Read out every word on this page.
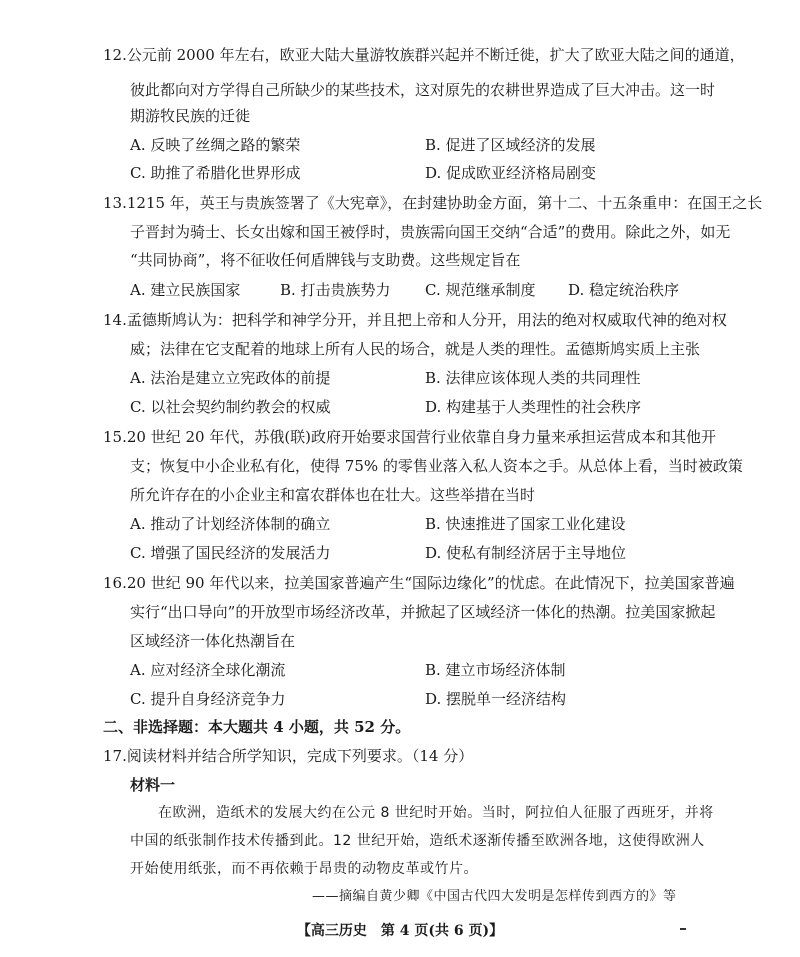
12.公元前 2000 年左右，欧亚大陆大量游牧族群兴起并不断迁徙，扩大了欧亚大陆之间的通道，
彼此都向对方学得自己所缺少的某些技术，这对原先的农耕世界造成了巨大冲击。这一时
期游牧民族的迁徙
A. 反映了丝绸之路的繁荣	B. 促进了区域经济的发展
C. 助推了希腊化世界形成	D. 促成欧亚经济格局剧变
13.1215 年，英王与贵族签署了《大宪章》，在封建协助金方面，第十二、十五条重申：在国王之长
子晋封为骑士、长女出嫁和国王被俘时，贵族需向国王交纳“合适”的费用。除此之外，如无
“共同协商”，将不征收任何盾牌钱与支助费。这些规定旨在
A. 建立民族国家	B. 打击贵族势力 C. 规范继承制度 D. 稳定统治秩序
14.孟德斯鸠认为：把科学和神学分开，并且把上帝和人分开，用法的绝对权威取代神的绝对权
威；法律在它支配着的地球上所有人民的场合，就是人类的理性。孟德斯鸠实质上主张
A. 法治是建立立宪政体的前提	B. 法律应该体现人类的共同理性
C. 以社会契约制约教会的权威	D. 构建基于人类理性的社会秩序
15.20 世纪 20 年代，苏俄(联)政府开始要求国营行业依靠自身力量来承担运营成本和其他开
支；恢复中小企业私有化，使得 75% 的零售业落入私人资本之手。从总体上看，当时被政策
所允许存在的小企业主和富农群体也在壮大。这些举措在当时
A. 推动了计划经济体制的确立	B. 快速推进了国家工业化建设
C. 增强了国民经济的发展活力	D. 使私有制经济居于主导地位
16.20 世纪 90 年代以来，拉美国家普遍产生“国际边缘化”的忧虑。在此情况下，拉美国家普遍
实行“出口导向”的开放型市场经济改革，并掀起了区域经济一体化的热潮。拉美国家掀起
区域经济一体化热潮旨在
A. 应对经济全球化潮流	B. 建立市场经济体制
C. 提升自身经济竞争力	D. 摆脱单一经济结构
二、非选择题：本大题共 4 小题，共 52 分。
17.阅读材料并结合所学知识，完成下列要求。（14 分）
材料一
在欧洲，造纸术的发展大约在公元 8 世纪时开始。当时，阿拉伯人征服了西班牙，并将
中国的纸张制作技术传播到此。12 世纪开始，造纸术逐渐传播至欧洲各地，这使得欧洲人
开始使用纸张，而不再依赖于昂贵的动物皮革或竹片。
——摘编自黄少卿《中国古代四大发明是怎样传到西方的》等
【高三历史　第 4 页(共 6 页)】
